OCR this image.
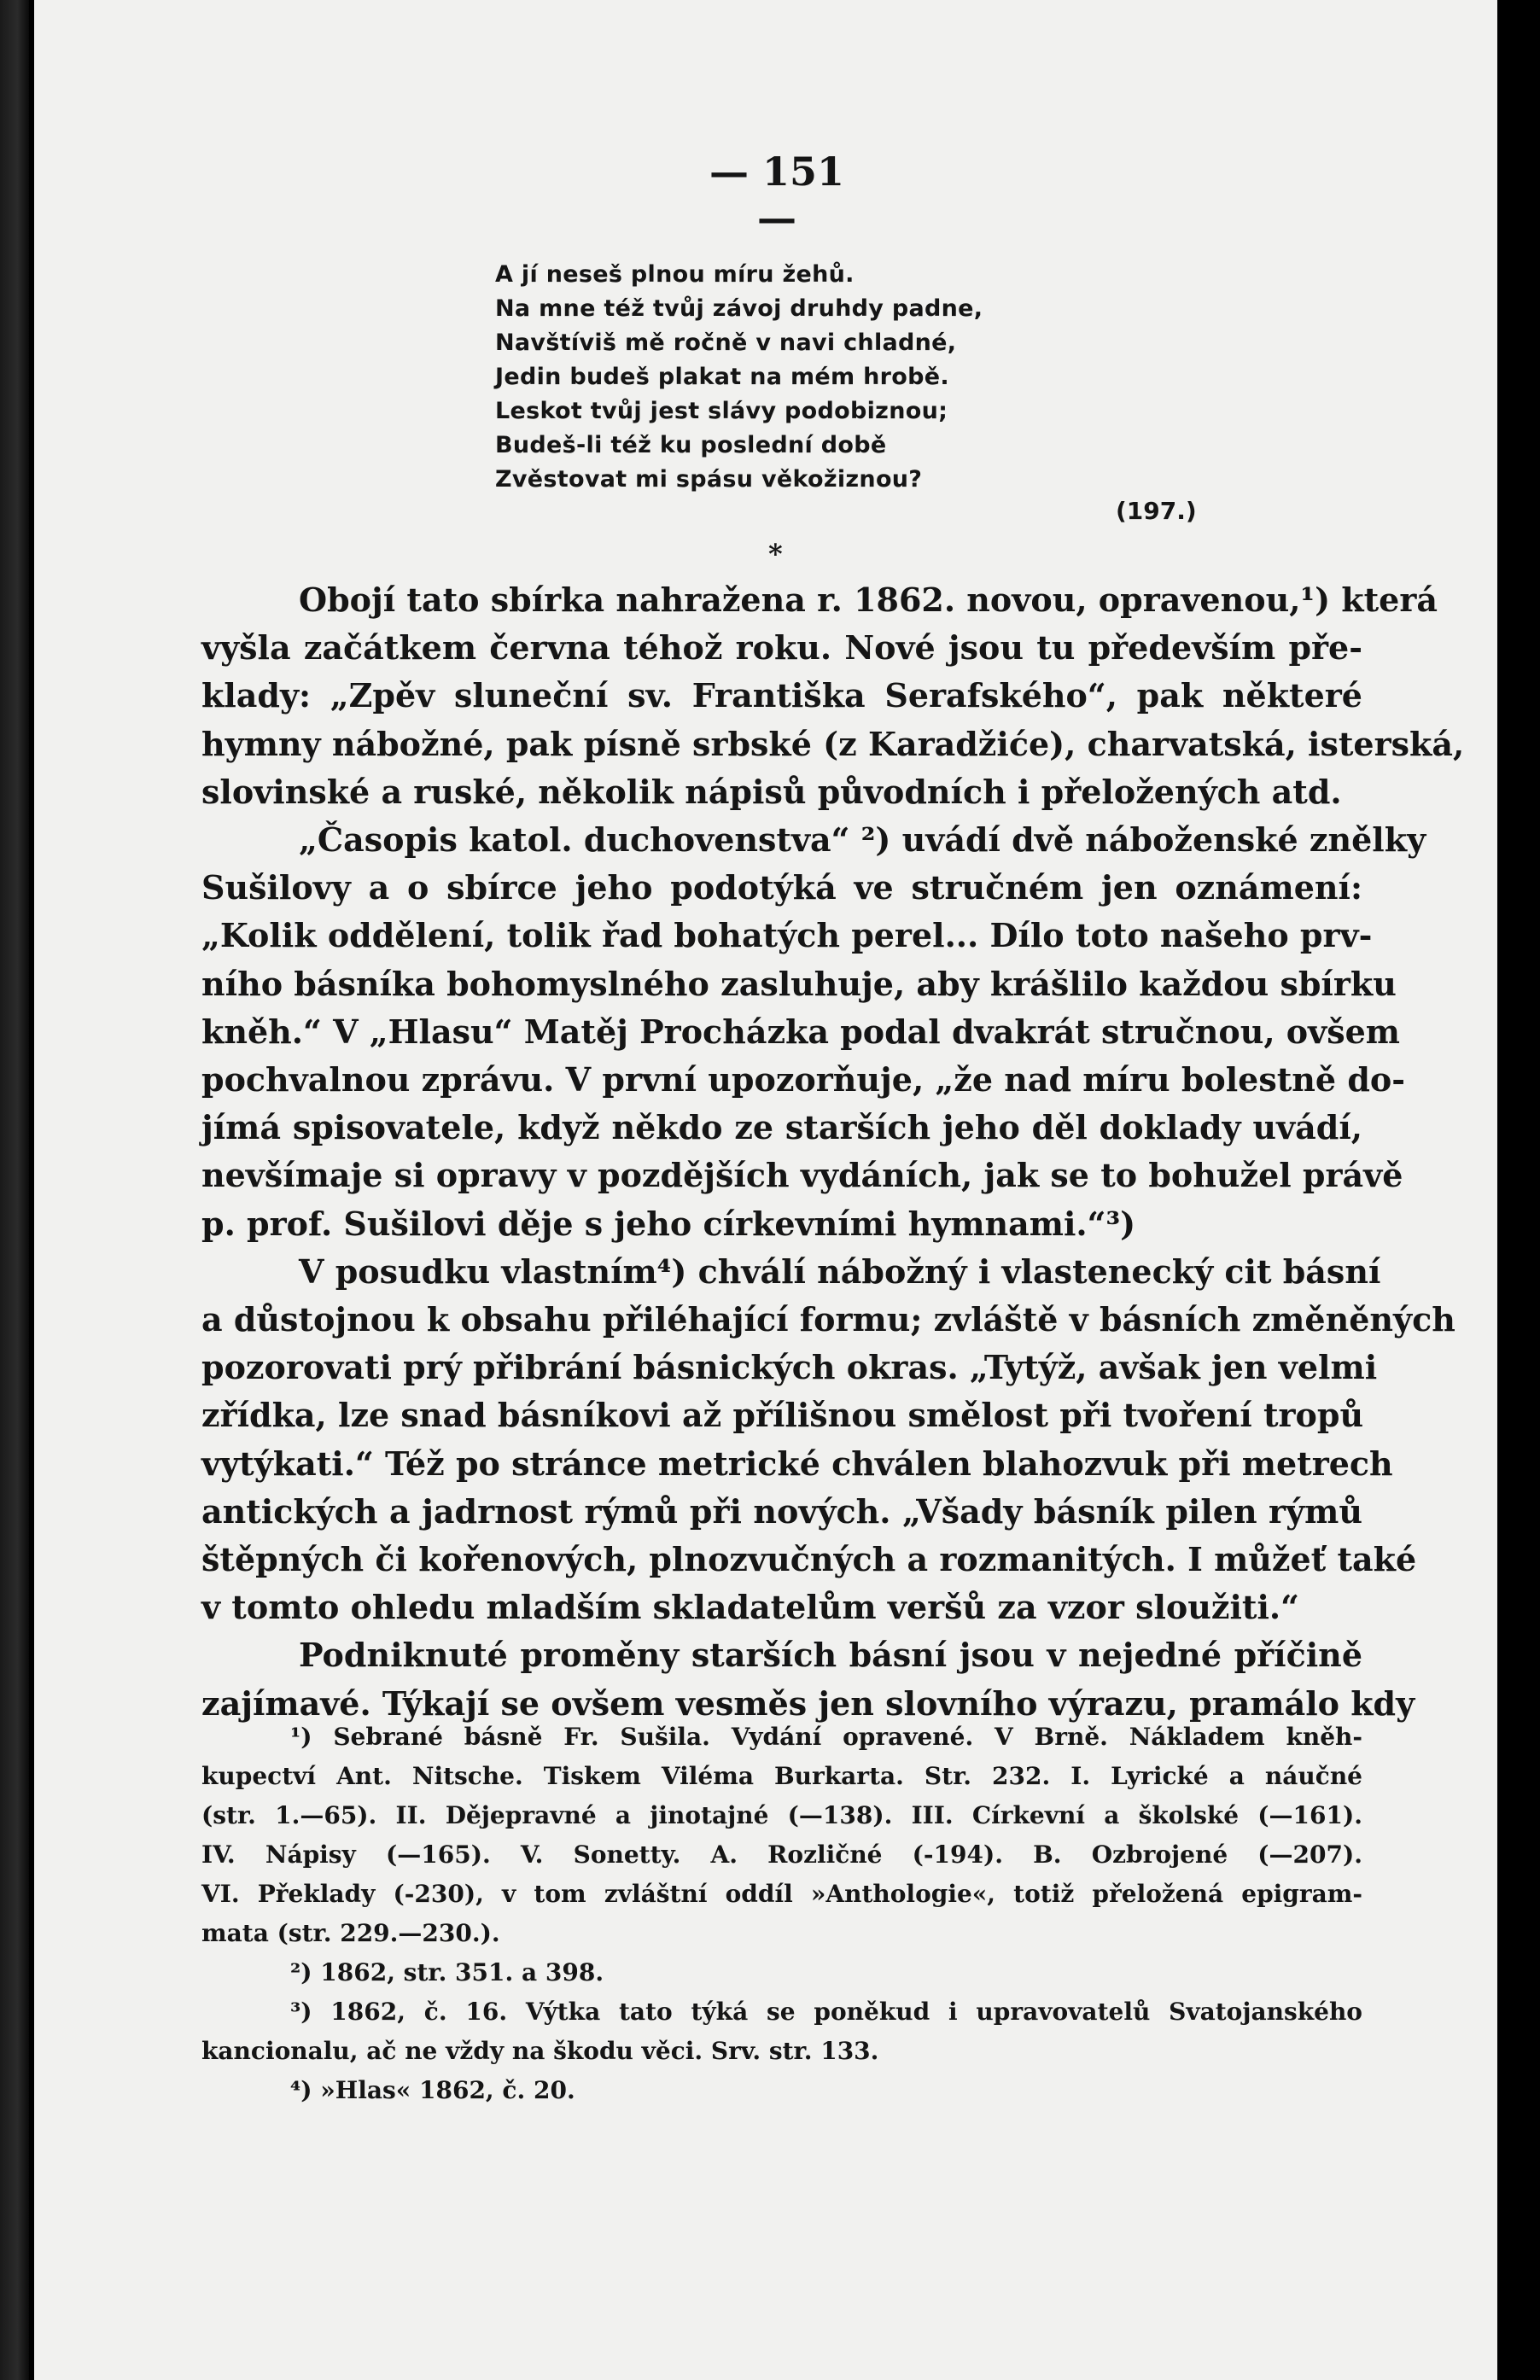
— 151 —
A jí neseš plnou míru žehů.
Na mne též tvůj závoj druhdy padne,
Navštíviš mě ročně v navi chladné,
Jedin budeš plakat na mém hrobě.
Leskot tvůj jest slávy podobiznou;
Budeš-li též ku poslední době
Zvěstovat mi spásu věkožiznou?
(197.)
*
Obojí tato sbírka nahražena r. 1862. novou, opravenou,¹) která
vyšla začátkem června téhož roku. Nové jsou tu především pře-
klady: „Zpěv sluneční sv. Františka Serafského“, pak některé
hymny nábožné, pak písně srbské (z Karadžiće), charvatská, isterská,
slovinské a ruské, několik nápisů původních i přeložených atd.
„Časopis katol. duchovenstva“ ²) uvádí dvě náboženské znělky
Sušilovy a o sbírce jeho podotýká ve stručném jen oznámení:
„Kolik oddělení, tolik řad bohatých perel... Dílo toto našeho prv-
ního básníka bohomyslného zasluhuje, aby krášlilo každou sbírku
kněh.“ V „Hlasu“ Matěj Procházka podal dvakrát stručnou, ovšem
pochvalnou zprávu. V první upozorňuje, „že nad míru bolestně do-
jímá spisovatele, když někdo ze starších jeho děl doklady uvádí,
nevšímaje si opravy v pozdějších vydáních, jak se to bohužel právě
p. prof. Sušilovi děje s jeho církevními hymnami.“³)
V posudku vlastním⁴) chválí nábožný i vlastenecký cit básní
a důstojnou k obsahu přiléhající formu; zvláště v básních změněných
pozorovati prý přibrání básnických okras. „Tytýž, avšak jen velmi
zřídka, lze snad básníkovi až přílišnou smělost při tvoření tropů
vytýkati.“ Též po stránce metrické chválen blahozvuk při metrech
antických a jadrnost rýmů při nových. „Všady básník pilen rýmů
štěpných či kořenových, plnozvučných a rozmanitých. I můžeť také
v tomto ohledu mladším skladatelům veršů za vzor sloužiti.“
Podniknuté proměny starších básní jsou v nejedné příčině
zajímavé. Týkají se ovšem vesměs jen slovního výrazu, pramálo kdy
¹) Sebrané básně Fr. Sušila. Vydání opravené. V Brně. Nákladem kněh-
kupectví Ant. Nitsche. Tiskem Viléma Burkarta. Str. 232. I. Lyrické a náučné
(str. 1.—65). II. Dějepravné a jinotajné (—138). III. Církevní a školské (—161).
IV. Nápisy (—165). V. Sonetty. A. Rozličné (-194). B. Ozbrojené (—207).
VI. Překlady (-230), v tom zvláštní oddíl »Anthologie«, totiž přeložená epigram-
mata (str. 229.—230.).
²) 1862, str. 351. a 398.
³) 1862, č. 16. Výtka tato týká se poněkud i upravovatelů Svatojanského
kancionalu, ač ne vždy na škodu věci. Srv. str. 133.
⁴) »Hlas« 1862, č. 20.
